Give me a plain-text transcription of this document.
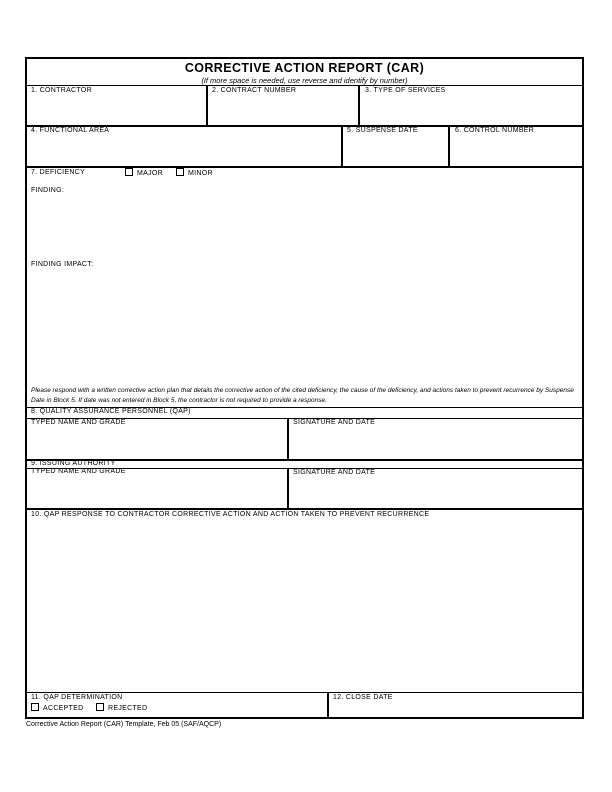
CORRECTIVE ACTION REPORT (CAR)
(If more space is needed, use reverse and identify by number)
1. CONTRACTOR	2. CONTRACT NUMBER	3. TYPE OF SERVICES
4. FUNCTIONAL AREA	5. SUSPENSE DATE	6. CONTROL NUMBER
7. DEFICIENCY	MAJOR	MINOR
FINDING:
FINDING IMPACT:
Please respond with a written corrective action plan that details the corrective action of the cited deficiency, the cause of the deficiency, and actions taken to prevent recurrence by Suspense Date in Block 5. If date was not entered in Block 5, the contractor is not required to provide a response.
8. QUALITY ASSURANCE PERSONNEL (QAP)
TYPED NAME AND GRADE	SIGNATURE AND DATE
9. ISSUING AUTHORITY
TYPED NAME AND GRADE	SIGNATURE AND DATE
10. QAP RESPONSE TO CONTRACTOR CORRECTIVE ACTION AND ACTION TAKEN TO PREVENT RECURRENCE
11. QAP DETERMINATION
ACCEPTED	REJECTED
12. CLOSE DATE
Corrective Action Report (CAR) Template, Feb 05 (SAF/AQCP)
